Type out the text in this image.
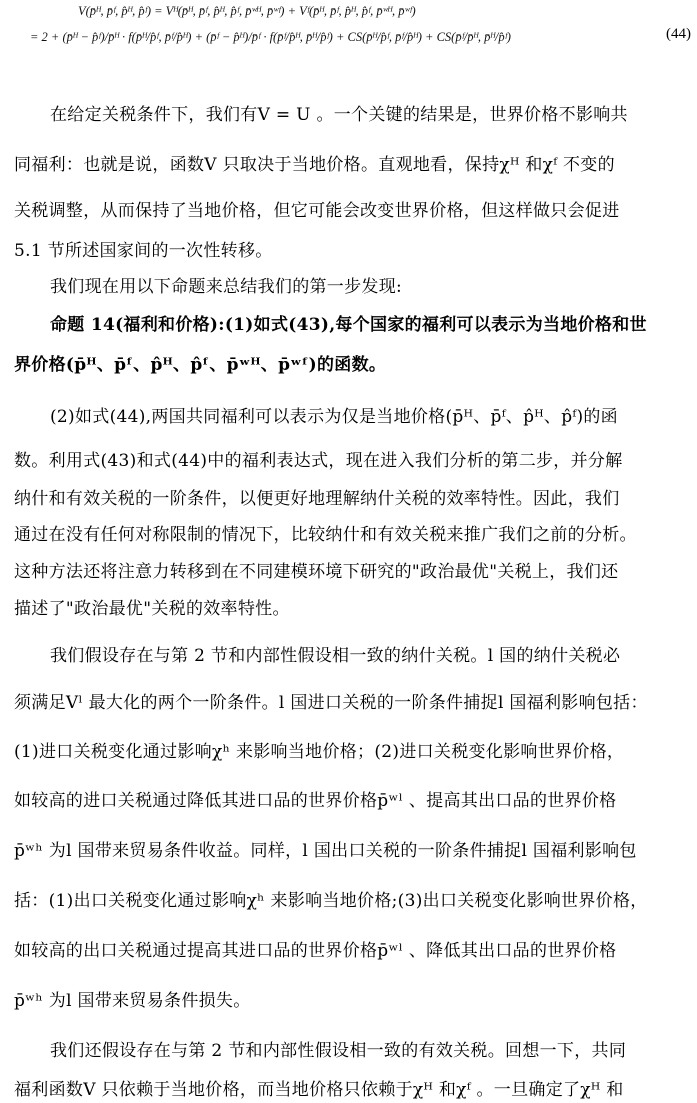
V(p̄ᴴ, p̄ᶠ, p̂ᴴ, p̂ᶠ) = Vᴴ(p̄ᴴ, p̄ᶠ, p̂ᴴ, p̂ᶠ, p̄ʷᴴ, p̄ʷᶠ) + Vᶠ(p̄ᴴ, p̄ᶠ, p̂ᴴ, p̂ᶠ, p̄ʷᴴ, p̄ʷᶠ)
= 2 + (p̄ᴴ − p̂ᶠ)/p̄ᴴ · f(p̄ᴴ/p̂ᶠ, p̄ᶠ/p̂ᴴ) + (p̄ᶠ − p̂ᴴ)/p̄ᶠ · f(p̄ᶠ/p̂ᴴ, p̄ᴴ/p̂ᶠ) + CS(p̄ᴴ/p̂ᶠ, p̄ᶠ/p̂ᴴ) + CS(p̄ᶠ/p̄ᴴ, p̄ᴴ/p̂ᶠ)	(44)
在给定关税条件下，我们有V = U 。一个关键的结果是，世界价格不影响共
同福利：也就是说，函数V 只取决于当地价格。直观地看，保持χᴴ 和χᶠ 不变的
关税调整，从而保持了当地价格，但它可能会改变世界价格，但这样做只会促进
5.1 节所述国家间的一次性转移。
我们现在用以下命题来总结我们的第一步发现:
命题 14(福利和价格):(1)如式(43),每个国家的福利可以表示为当地价格和世
界价格(p̄ᴴ、p̄ᶠ、p̂ᴴ、p̂ᶠ、p̄ʷᴴ、p̄ʷᶠ)的函数。
(2)如式(44),两国共同福利可以表示为仅是当地价格(p̄ᴴ、p̄ᶠ、p̂ᴴ、p̂ᶠ)的函
数。利用式(43)和式(44)中的福利表达式，现在进入我们分析的第二步，并分解
纳什和有效关税的一阶条件，以便更好地理解纳什关税的效率特性。因此，我们
通过在没有任何对称限制的情况下，比较纳什和有效关税来推广我们之前的分析。
这种方法还将注意力转移到在不同建模环境下研究的"政治最优"关税上，我们还
描述了"政治最优"关税的效率特性。
我们假设存在与第 2 节和内部性假设相一致的纳什关税。l 国的纳什关税必
须满足Vˡ 最大化的两个一阶条件。l 国进口关税的一阶条件捕捉l 国福利影响包括：
(1)进口关税变化通过影响χʰ 来影响当地价格；(2)进口关税变化影响世界价格，
如较高的进口关税通过降低其进口品的世界价格p̄ʷˡ 、提高其出口品的世界价格
p̄ʷʰ 为l 国带来贸易条件收益。同样，l 国出口关税的一阶条件捕捉l 国福利影响包
括：(1)出口关税变化通过影响χʰ 来影响当地价格;(3)出口关税变化影响世界价格，
如较高的出口关税通过提高其进口品的世界价格p̄ʷˡ 、降低其出口品的世界价格
p̄ʷʰ 为l 国带来贸易条件损失。
我们还假设存在与第 2 节和内部性假设相一致的有效关税。回想一下，共同
福利函数V 只依赖于当地价格，而当地价格只依赖于χᴴ 和χᶠ 。一旦确定了χᴴ 和
